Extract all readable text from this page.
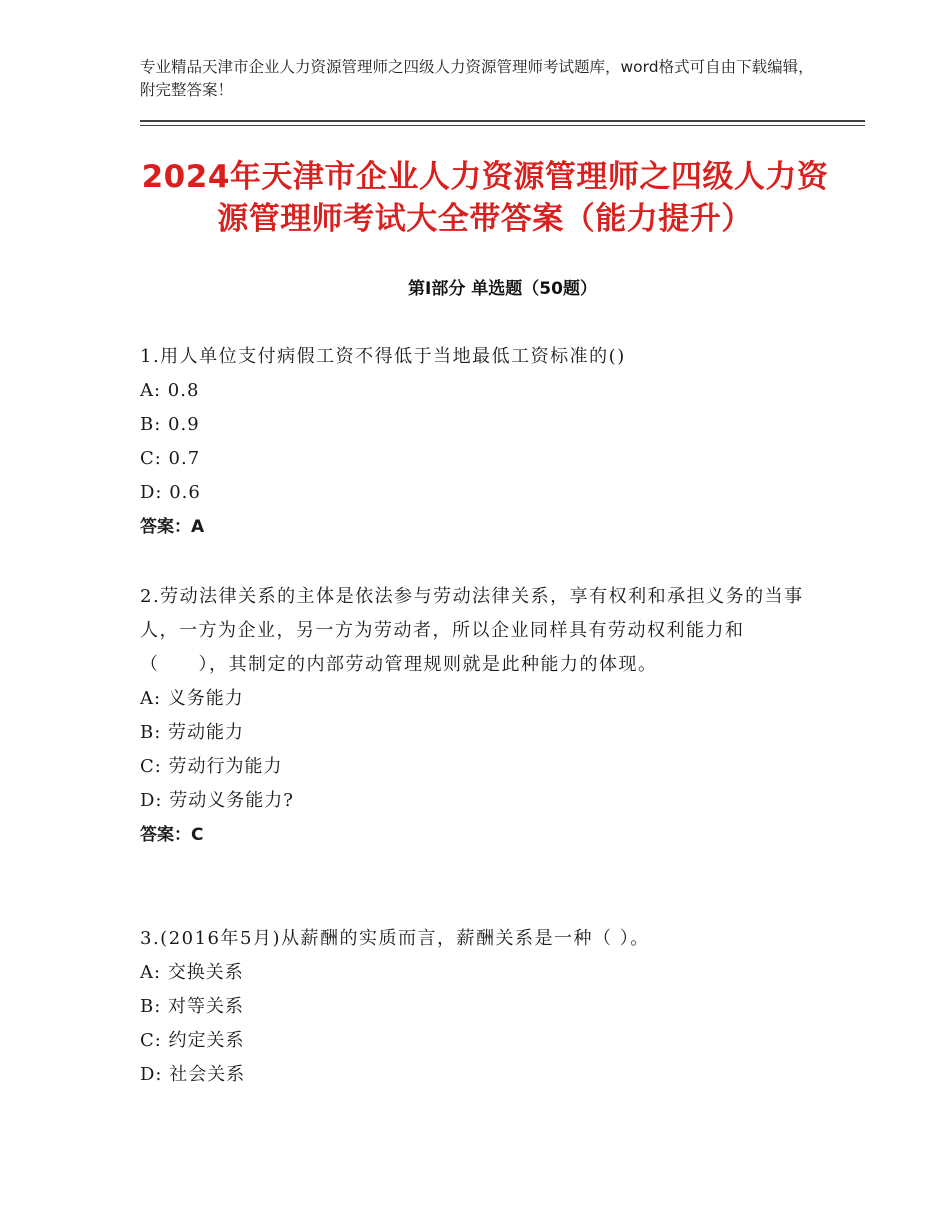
专业精品天津市企业人力资源管理师之四级人力资源管理师考试题库，word格式可自由下载编辑，附完整答案！
2024年天津市企业人力资源管理师之四级人力资源管理师考试大全带答案（能力提升）
第Ⅰ部分 单选题（50题）
1.用人单位支付病假工资不得低于当地最低工资标准的()
A: 0.8
B: 0.9
C: 0.7
D: 0.6
答案：A
2.劳动法律关系的主体是依法参与劳动法律关系，享有权利和承担义务的当事人，一方为企业，另一方为劳动者，所以企业同样具有劳动权利能力和（　　），其制定的内部劳动管理规则就是此种能力的体现。
A: 义务能力
B: 劳动能力
C: 劳动行为能力
D: 劳动义务能力?
答案：C
3.(2016年5月)从薪酬的实质而言，薪酬关系是一种（ ）。
A: 交换关系
B: 对等关系
C: 约定关系
D: 社会关系
